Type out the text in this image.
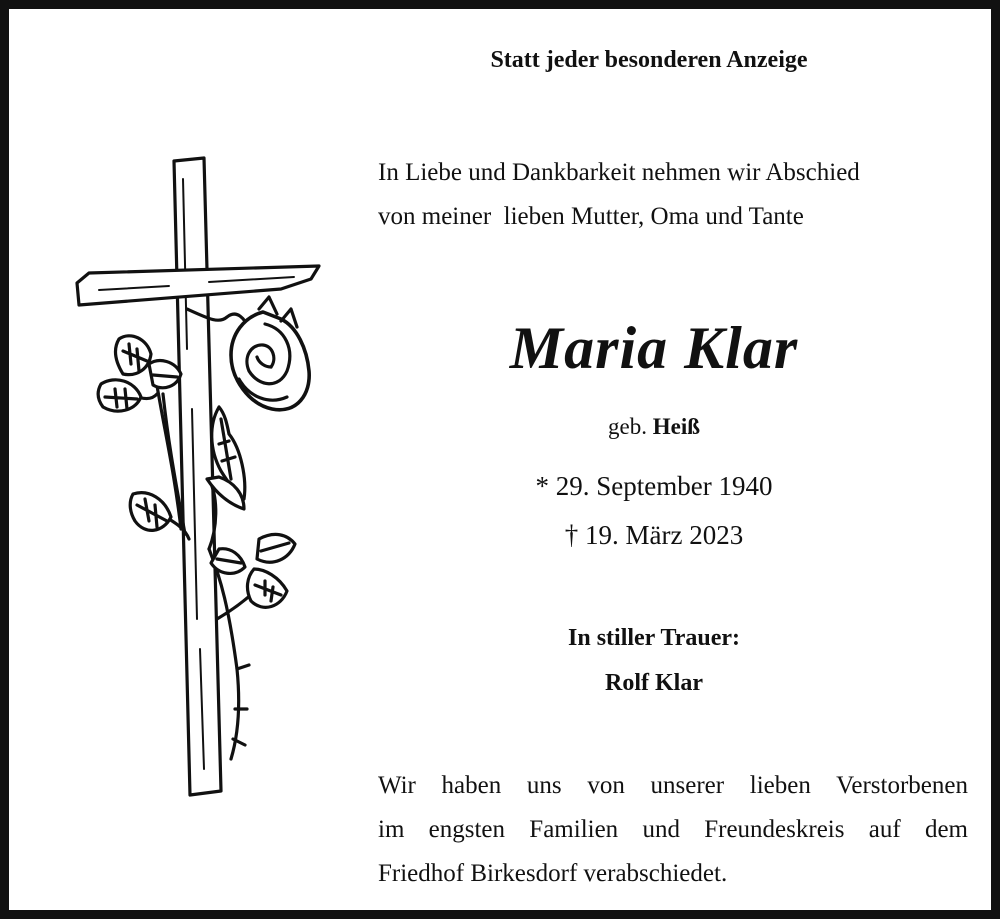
Statt jeder besonderen Anzeige
In Liebe und Dankbarkeit nehmen wir Abschied
von meiner  lieben Mutter, Oma und Tante
Maria Klar
geb. Heiß
* 29. September 1940
† 19. März 2023
In stiller Trauer:
Rolf Klar
Wir haben uns von unserer lieben Verstorbenen
im engsten Familien und Freundeskreis auf dem
Friedhof Birkesdorf verabschiedet.
